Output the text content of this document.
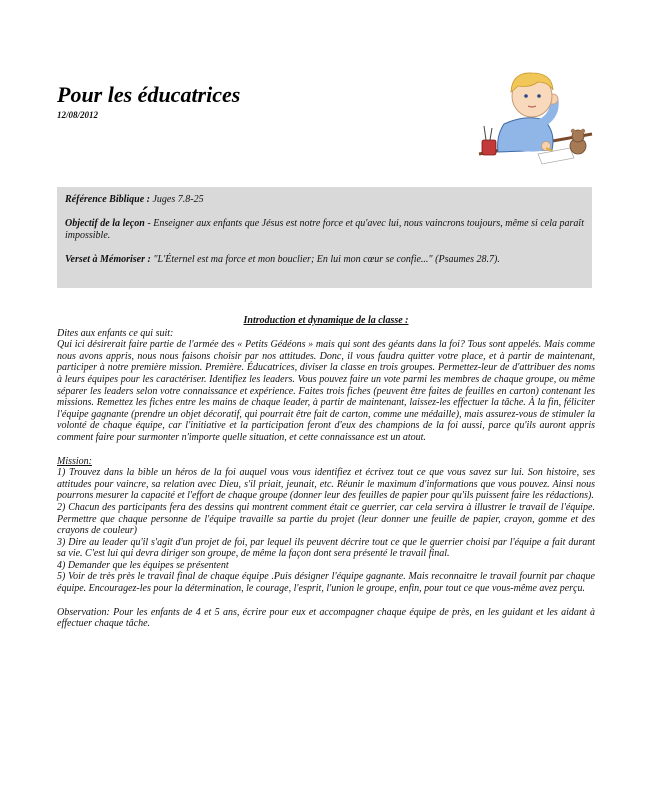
Pour les éducatrices
12/08/2012

Référence Biblique : Juges 7.8-25

Objectif de la leçon - Enseigner aux enfants que Jésus est notre force et qu'avec lui, nous vaincrons toujours, même si cela paraît impossible.

Verset à Mémoriser : "L'Éternel est ma force et mon bouclier; En lui mon cœur se confie..." (Psaumes 28.7).

Introduction et dynamique de la classe :

Dites aux enfants ce qui suit:

Qui ici désirerait faire partie de l'armée des « Petits Gédéons » mais qui sont des géants dans la foi? Tous sont appelés. Mais comme nous avons appris, nous nous faisons choisir par nos attitudes. Donc, il vous faudra quitter votre place, et à partir de maintenant, participer à notre première mission. Première. Éducatrices, diviser la classe en trois groupes. Permettez-leur de d'attribuer des noms à leurs équipes pour les caractériser. Identifiez les leaders. Vous pouvez faire un vote parmi les membres de chaque groupe, ou même séparer les leaders selon votre connaissance et expérience. Faites trois fiches (peuvent être faites de feuilles en carton) contenant les missions. Remettez les fiches entre les mains de chaque leader, à partir de maintenant, laissez-les effectuer la tâche. À la fin, féliciter l'équipe gagnante (prendre un objet décoratif, qui pourrait être fait de carton, comme une médaille), mais assurez-vous de stimuler la volonté de chaque équipe, car l'initiative et la participation feront d'eux des champions de la foi aussi, parce qu'ils auront appris comment faire pour surmonter n'importe quelle situation, et cette connaissance est un atout.

Mission:

1) Trouvez dans la bible un héros de la foi auquel vous vous identifiez et écrivez tout ce que vous savez sur lui. Son histoire, ses attitudes pour vaincre, sa relation avec Dieu, s'il priait, jeunait, etc. Réunir le maximum d'informations que vous pouvez. Ainsi nous pourrons mesurer la capacité et l'effort de chaque groupe (donner leur des feuilles de papier pour qu'ils puissent faire les rédactions).

2) Chacun des participants fera des dessins qui montrent comment était ce guerrier, car cela servira à illustrer le travail de l'équipe. Permettre que chaque personne de l'équipe travaille sa partie du projet (leur donner une feuille de papier, crayon, gomme et des crayons de couleur)

3) Dire au leader qu'il s'agit d'un projet de foi, par lequel ils peuvent décrire tout ce que le guerrier choisi par l'équipe a fait durant sa vie. C'est lui qui devra diriger son groupe, de même la façon dont sera présenté le travail final.

4) Demander que les équipes se présentent

5) Voir de très près le travail final de chaque équipe .Puis désigner l'équipe gagnante. Mais reconnaitre le travail fournit par chaque équipe. Encouragez-les pour la détermination, le courage, l'esprit, l'union le groupe, enfin, pour tout ce que vous-même avez perçu.

Observation: Pour les enfants de 4 et 5 ans, écrire pour eux et accompagner chaque équipe de près, en les guidant et les aidant à effectuer chaque tâche.
